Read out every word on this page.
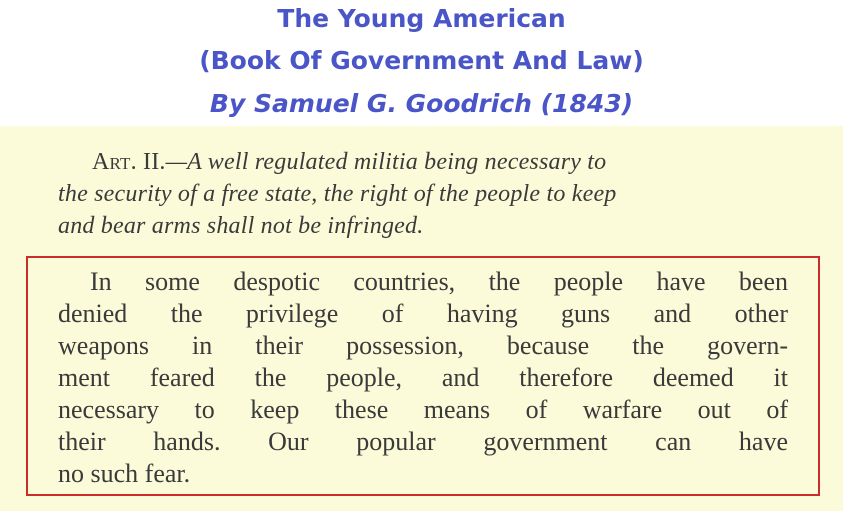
The Young American
(Book Of Government And Law)
By Samuel G. Goodrich (1843)

Art. II.—A well regulated militia being necessary to
the security of a free state, the right of the people to keep
and bear arms shall not be infringed.

In some despotic countries, the people have been
denied the privilege of having guns and other
weapons in their possession, because the govern-
ment feared the people, and therefore deemed it
necessary to keep these means of warfare out of
their hands. Our popular government can have
no such fear.
